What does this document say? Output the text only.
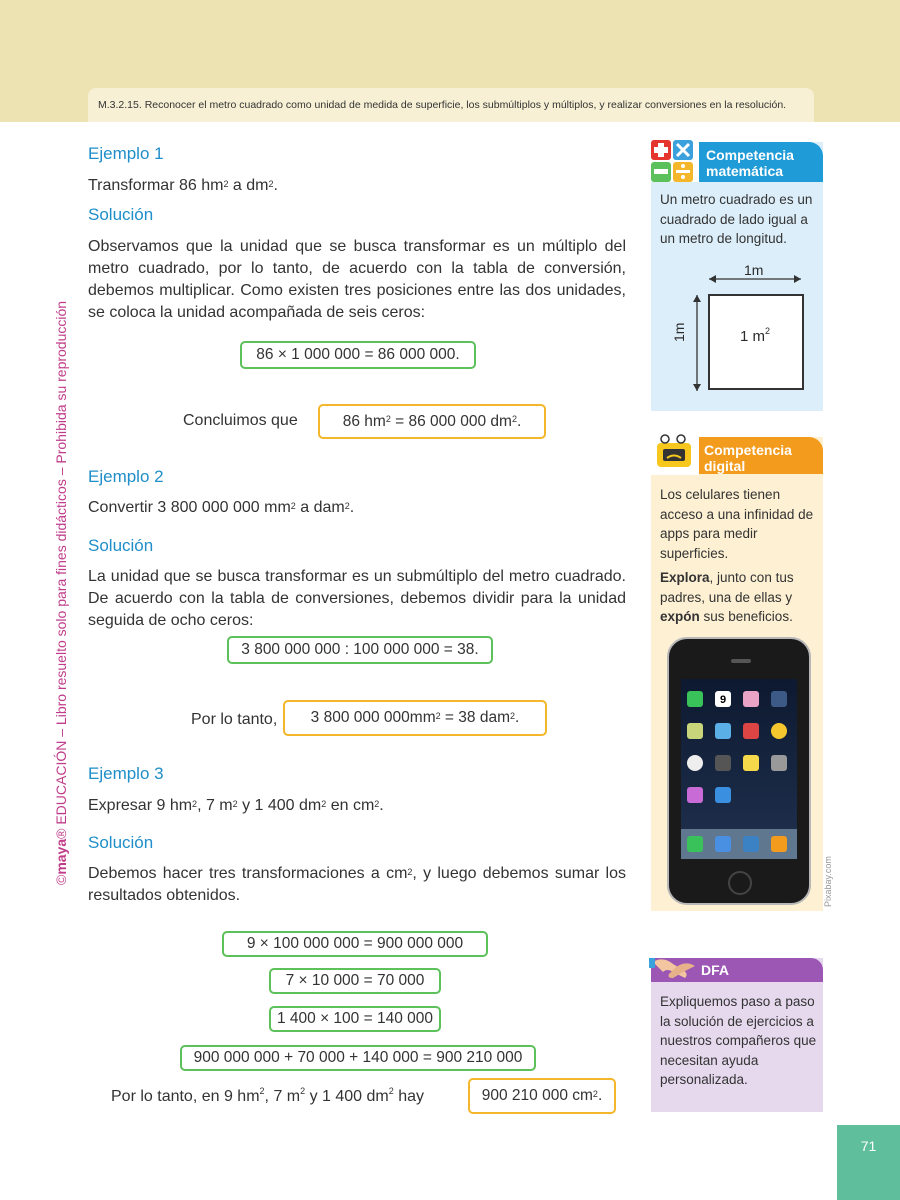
M.3.2.15. Reconocer el metro cuadrado como unidad de medida de superficie, los submúltiplos y múltiplos, y realizar conversiones en la resolución.
©maya® EDUCACIÓN – Libro resuelto solo para fines didácticos – Prohibida su reproducción
Ejemplo 1
Transformar 86 $hm^2$ a $dm^2$.
Solución
Observamos que la unidad que se busca transformar es un múltiplo del metro cuadrado, por lo tanto, de acuerdo con la tabla de conversión, debemos multiplicar. Como existen tres posiciones entre las dos unidades, se coloca la unidad acompañada de seis ceros:
86 × 1 000 000 = 86 000 000.
Concluimos que	86 $hm^2 = 86$ 000 000 $dm^2$.
Ejemplo 2
Convertir 3 800 000 000 $mm^2$ a dam$^2$.
Solución
La unidad que se busca transformar es un submúltiplo del metro cuadrado. De acuerdo con la tabla de conversiones, debemos dividir para la unidad seguida de ocho ceros:
3 800 000 000 : 100 000 000 = 38.
Por lo tanto,	3 800 000 $000mm^2 = 38$ dam$^2$.
Ejemplo 3
Expresar 9 $hm^2$, 7 $m^2$ y 1 400 $dm^2$ en $cm^2$.
Solución
Debemos hacer tres transformaciones a $cm^2$, y luego debemos sumar los resultados obtenidos.
9 × 100 000 000 = 900 000 000
7 × 10 000 = 70 000
1 400 × 100 = 140 000
900 000 000 + 70 000 + 140 000 = 900 210 000
Por lo tanto, en 9 $hm^2$, 7 $m^2$ y 1 400 $dm^2$ hay	900 210 000 $cm^2$.
Competencia
matemática
Un metro cuadrado es un cuadrado de lado igual a un metro de longitud.
1m
1m	1 $m^2$
Competencia
digital
Los celulares tienen acceso a una infinidad de apps para medir superficies.
Explora, junto con tus padres, una de ellas y expón sus beneficios.
9
Pixabay.com
DFA
Expliquemos paso a paso la solución de ejercicios a nuestros compañeros que necesitan ayuda personalizada.
71
